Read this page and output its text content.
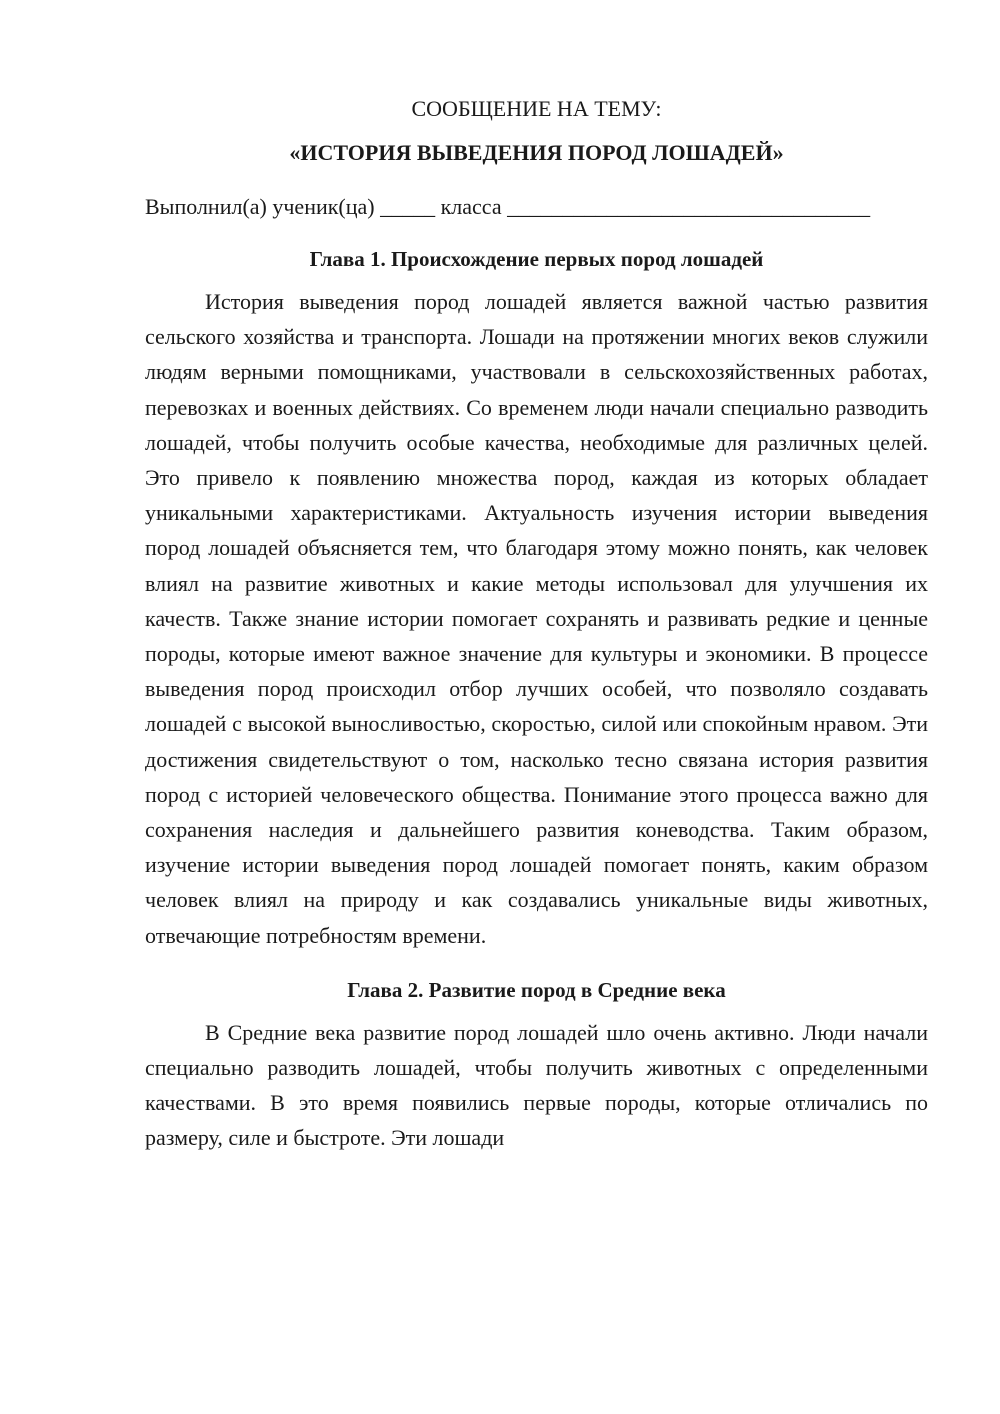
СООБЩЕНИЕ НА ТЕМУ:

«ИСТОРИЯ ВЫВЕДЕНИЯ ПОРОД ЛОШАДЕЙ»

Выполнил(а) ученик(ца) _____ класса _________________________________

Глава 1. Происхождение первых пород лошадей

История выведения пород лошадей является важной частью развития сельского хозяйства и транспорта. Лошади на протяжении многих веков служили людям верными помощниками, участвовали в сельскохозяйственных работах, перевозках и военных действиях. Со временем люди начали специально разводить лошадей, чтобы получить особые качества, необходимые для различных целей. Это привело к появлению множества пород, каждая из которых обладает уникальными характеристиками. Актуальность изучения истории выведения пород лошадей объясняется тем, что благодаря этому можно понять, как человек влиял на развитие животных и какие методы использовал для улучшения их качеств. Также знание истории помогает сохранять и развивать редкие и ценные породы, которые имеют важное значение для культуры и экономики. В процессе выведения пород происходил отбор лучших особей, что позволяло создавать лошадей с высокой выносливостью, скоростью, силой или спокойным нравом. Эти достижения свидетельствуют о том, насколько тесно связана история развития пород с историей человеческого общества. Понимание этого процесса важно для сохранения наследия и дальнейшего развития коневодства. Таким образом, изучение истории выведения пород лошадей помогает понять, каким образом человек влиял на природу и как создавались уникальные виды животных, отвечающие потребностям времени.

Глава 2. Развитие пород в Средние века

В Средние века развитие пород лошадей шло очень активно. Люди начали специально разводить лошадей, чтобы получить животных с определенными качествами. В это время появились первые породы, которые отличались по размеру, силе и быстроте. Эти лошади
